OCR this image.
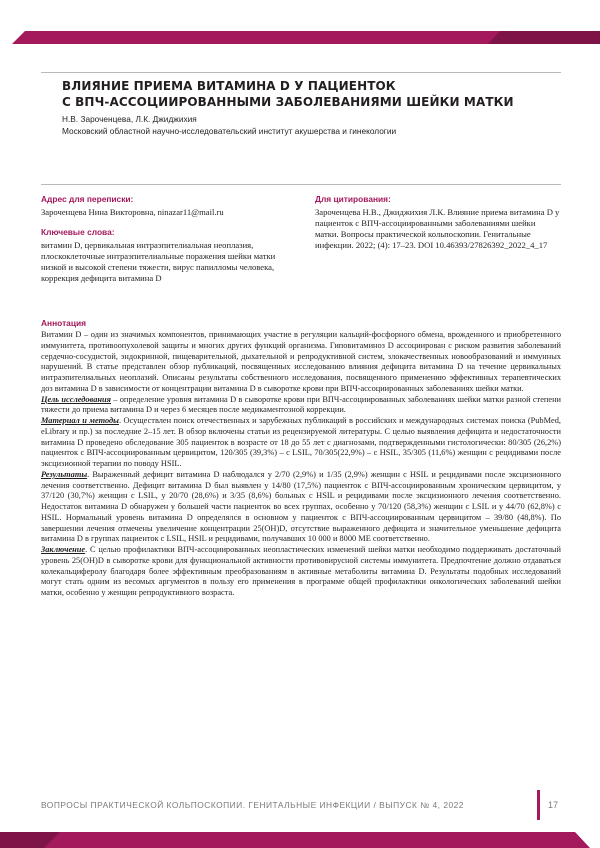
ВЛИЯНИЕ ПРИЕМА ВИТАМИНА D У ПАЦИЕНТОК
С ВПЧ-АССОЦИИРОВАННЫМИ ЗАБОЛЕВАНИЯМИ ШЕЙКИ МАТКИ

Н.В. Зароченцева, Л.К. Джиджихия

Московский областной научно-исследовательский институт акушерства и гинекологии

Адрес для переписки:

Зароченцева Нина Викторовна, ninazar11@mail.ru

Ключевые слова:

витамин D, цервикальная интраэпителиальная неоплазия, плоскоклеточные интраэпителиальные поражения шейки матки низкой и высокой степени тяжести, вирус папилломы человека, коррекция дефицита витамина D

Для цитирования:

Зароченцева Н.В., Джиджихия Л.К. Влияние приема витамина D у пациенток с ВПЧ-ассоциированными заболеваниями шейки матки. Вопросы практической кольпоскопии. Генитальные инфекции. 2022; (4): 17–23. DOI 10.46393/27826392_2022_4_17

Аннотация

Витамин D – один из значимых компонентов, принимающих участие в регуляции кальций-фосфорного обмена, врожденного и приобретенного иммунитета, противоопухолевой защиты и многих других функций организма. Гиповитаминоз D ассоциирован с риском развития заболеваний сердечно-сосудистой, эндокринной, пищеварительной, дыхательной и репродуктивной систем, злокачественных новообразований и иммунных нарушений. В статье представлен обзор публикаций, посвященных исследованию влияния дефицита витамина D на течение цервикальных интраэпителиальных неоплазий. Описаны результаты собственного исследования, посвященного применению эффективных терапевтических доз витамина D в зависимости от концентрации витамина D в сыворотке крови при ВПЧ-ассоциированных заболеваниях шейки матки.

Цель исследования – определение уровня витамина D в сыворотке крови при ВПЧ-ассоциированных заболеваниях шейки матки разной степени тяжести до приема витамина D и через 6 месяцев после медикаментозной коррекции.

Материал и методы. Осуществлен поиск отечественных и зарубежных публикаций в российских и международных системах поиска (PubMed, eLibrary и пр.) за последние 2–15 лет. В обзор включены статьи из рецензируемой литературы. С целью выявления дефицита и недостаточности витамина D проведено обследование 305 пациенток в возрасте от 18 до 55 лет с диагнозами, подтвержденными гистологически: 80/305 (26,2%) пациенток с ВПЧ-ассоциированным цервицитом, 120/305 (39,3%) – с LSIL, 70/305(22,9%) – с HSIL, 35/305 (11,6%) женщин с рецидивами после эксцизионной терапии по поводу HSIL.

Результаты. Выраженный дефицит витамина D наблюдался у 2/70 (2,9%) и 1/35 (2,9%) женщин с HSIL и рецидивами после эксцизионного лечения соответственно. Дефицит витамина D был выявлен у 14/80 (17,5%) пациенток с ВПЧ-ассоциированным хроническим цервицитом, у 37/120 (30,7%) женщин с LSIL, у 20/70 (28,6%) и 3/35 (8,6%) больных с HSIL и рецидивами после эксцизионного лечения соответственно. Недостаток витамина D обнаружен у большей части пациенток во всех группах, особенно у 70/120 (58,3%) женщин с LSIL и у 44/70 (62,8%) с HSIL. Нормальный уровень витамина D определялся в основном у пациенток с ВПЧ-ассоциированным цервицитом – 39/80 (48,8%). По завершении лечения отмечены увеличение концентрации 25(OH)D, отсутствие выраженного дефицита и значительное уменьшение дефицита витамина D в группах пациенток с LSIL, HSIL и рецидивами, получавших 10 000 и 8000 МЕ соответственно.

Заключение. С целью профилактики ВПЧ-ассоциированных неопластических изменений шейки матки необходимо поддерживать достаточный уровень 25(OH)D в сыворотке крови для функциональной активности противовирусной системы иммунитета. Предпочтение должно отдаваться колекальциферолу благодаря более эффективным преобразованиям в активные метаболиты витамина D. Результаты подобных исследований могут стать одним из весомых аргументов в пользу его применения в программе общей профилактики онкологических заболеваний шейки матки, особенно у женщин репродуктивного возраста.

ВОПРОСЫ ПРАКТИЧЕСКОЙ КОЛЬПОСКОПИИ. ГЕНИТАЛЬНЫЕ ИНФЕКЦИИ / ВЫПУСК № 4, 2022	17
